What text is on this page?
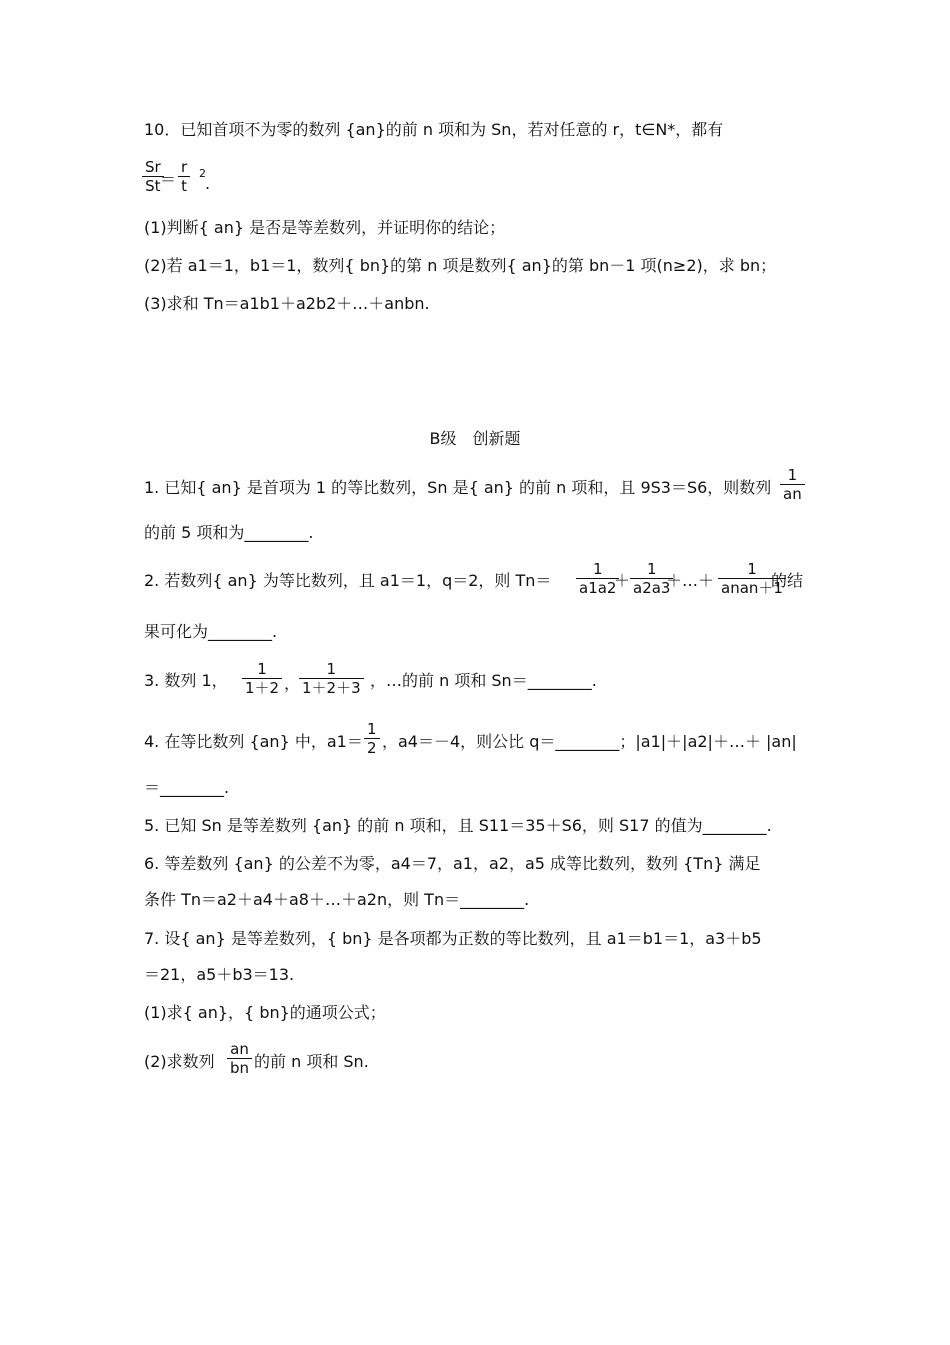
10．已知首项不为零的数列 {an}的前 n 项和为 Sn，若对任意的 r，t∈N*，都有
$\frac{Sr}{St}$
＝ $\frac{r}{t} 2$
.
(1)判断{ an} 是否是等差数列，并证明你的结论；
(2)若 a1＝1，b1＝1，数列{ bn}的第 n 项是数列{ an}的第 bn－1 项(n≥2)，求 bn；
(3)求和 Tn＝a1b1＋a2b2＋…＋anbn.
B级　创新题
1. 已知{ an} 是首项为 1 的等比数列，Sn 是{ an} 的前 n 项和，且 9S3＝S6，则数列 $\frac{1}{an}$
的前 5 项和为________.
2. 若数列{ an} 为等比数列，且 a1＝1，q＝2，则 $Tn= \frac{1}{a1a2}$
＋ $\frac{1}{a2a3}$
＋…＋
1
anan＋1
的结
果可化为________.
3. 数列 1， $\frac{1}{1+2}$ ，
$\frac{1}{1+2+3}$ ，…的前 n 项和 Sn＝________.
4. 在等比数列 {an} 中，$a1= \frac{1}{2}$ ，a4＝－4，则公比 q＝________；|a1|＋|a2|＋…＋ |an|
＝________.
5. 已知 Sn 是等差数列 {an} 的前 n 项和，且 S11＝35＋S6，则 S17 的值为________.
6. 等差数列 {an} 的公差不为零，a4＝7，a1，a2，a5 成等比数列，数列 {Tn} 满足
条件 Tn＝a2＋a4＋a8＋…＋a2n，则 Tn＝________.
7. 设{ an} 是等差数列，{ bn} 是各项都为正数的等比数列，且 a1＝b1＝1，a3＋b5
＝21，a5＋b3＝13.
(1)求{ an}，{ bn}的通项公式；
(2)求数列 $\frac{an}{bn}$ 的前 n 项和 Sn.
